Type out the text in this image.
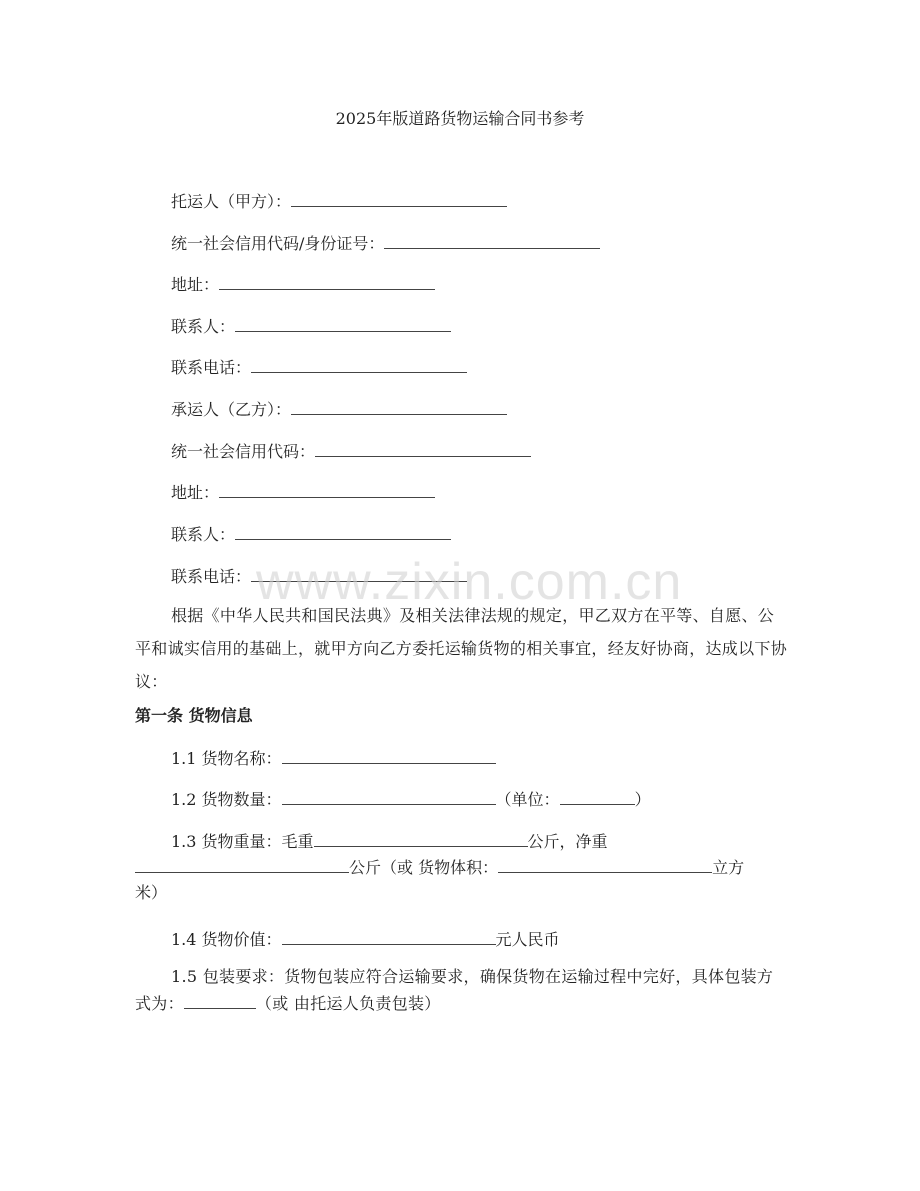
2025年版道路货物运输合同书参考
托运人（甲方）：
统一社会信用代码/身份证号：
地址：
联系人：
联系电话：
承运人（乙方）：
统一社会信用代码：
地址：
联系人：
联系电话： www.zixin.com.cn
根据《中华人民共和国民法典》及相关法律法规的规定，甲乙双方在平等、自愿、公平和诚实信用的基础上，就甲方向乙方委托运输货物的相关事宜，经友好协商，达成以下协议：
第一条 货物信息
1.1 货物名称：
1.2 货物数量：	（单位：	）
1.3 货物重量：毛重	公斤，净重
公斤（或 货物体积：	立方
米）
1.4 货物价值：	元人民币
1.5 包装要求：货物包装应符合运输要求，确保货物在运输过程中完好，具体包装方式为：	（或 由托运人负责包装）
